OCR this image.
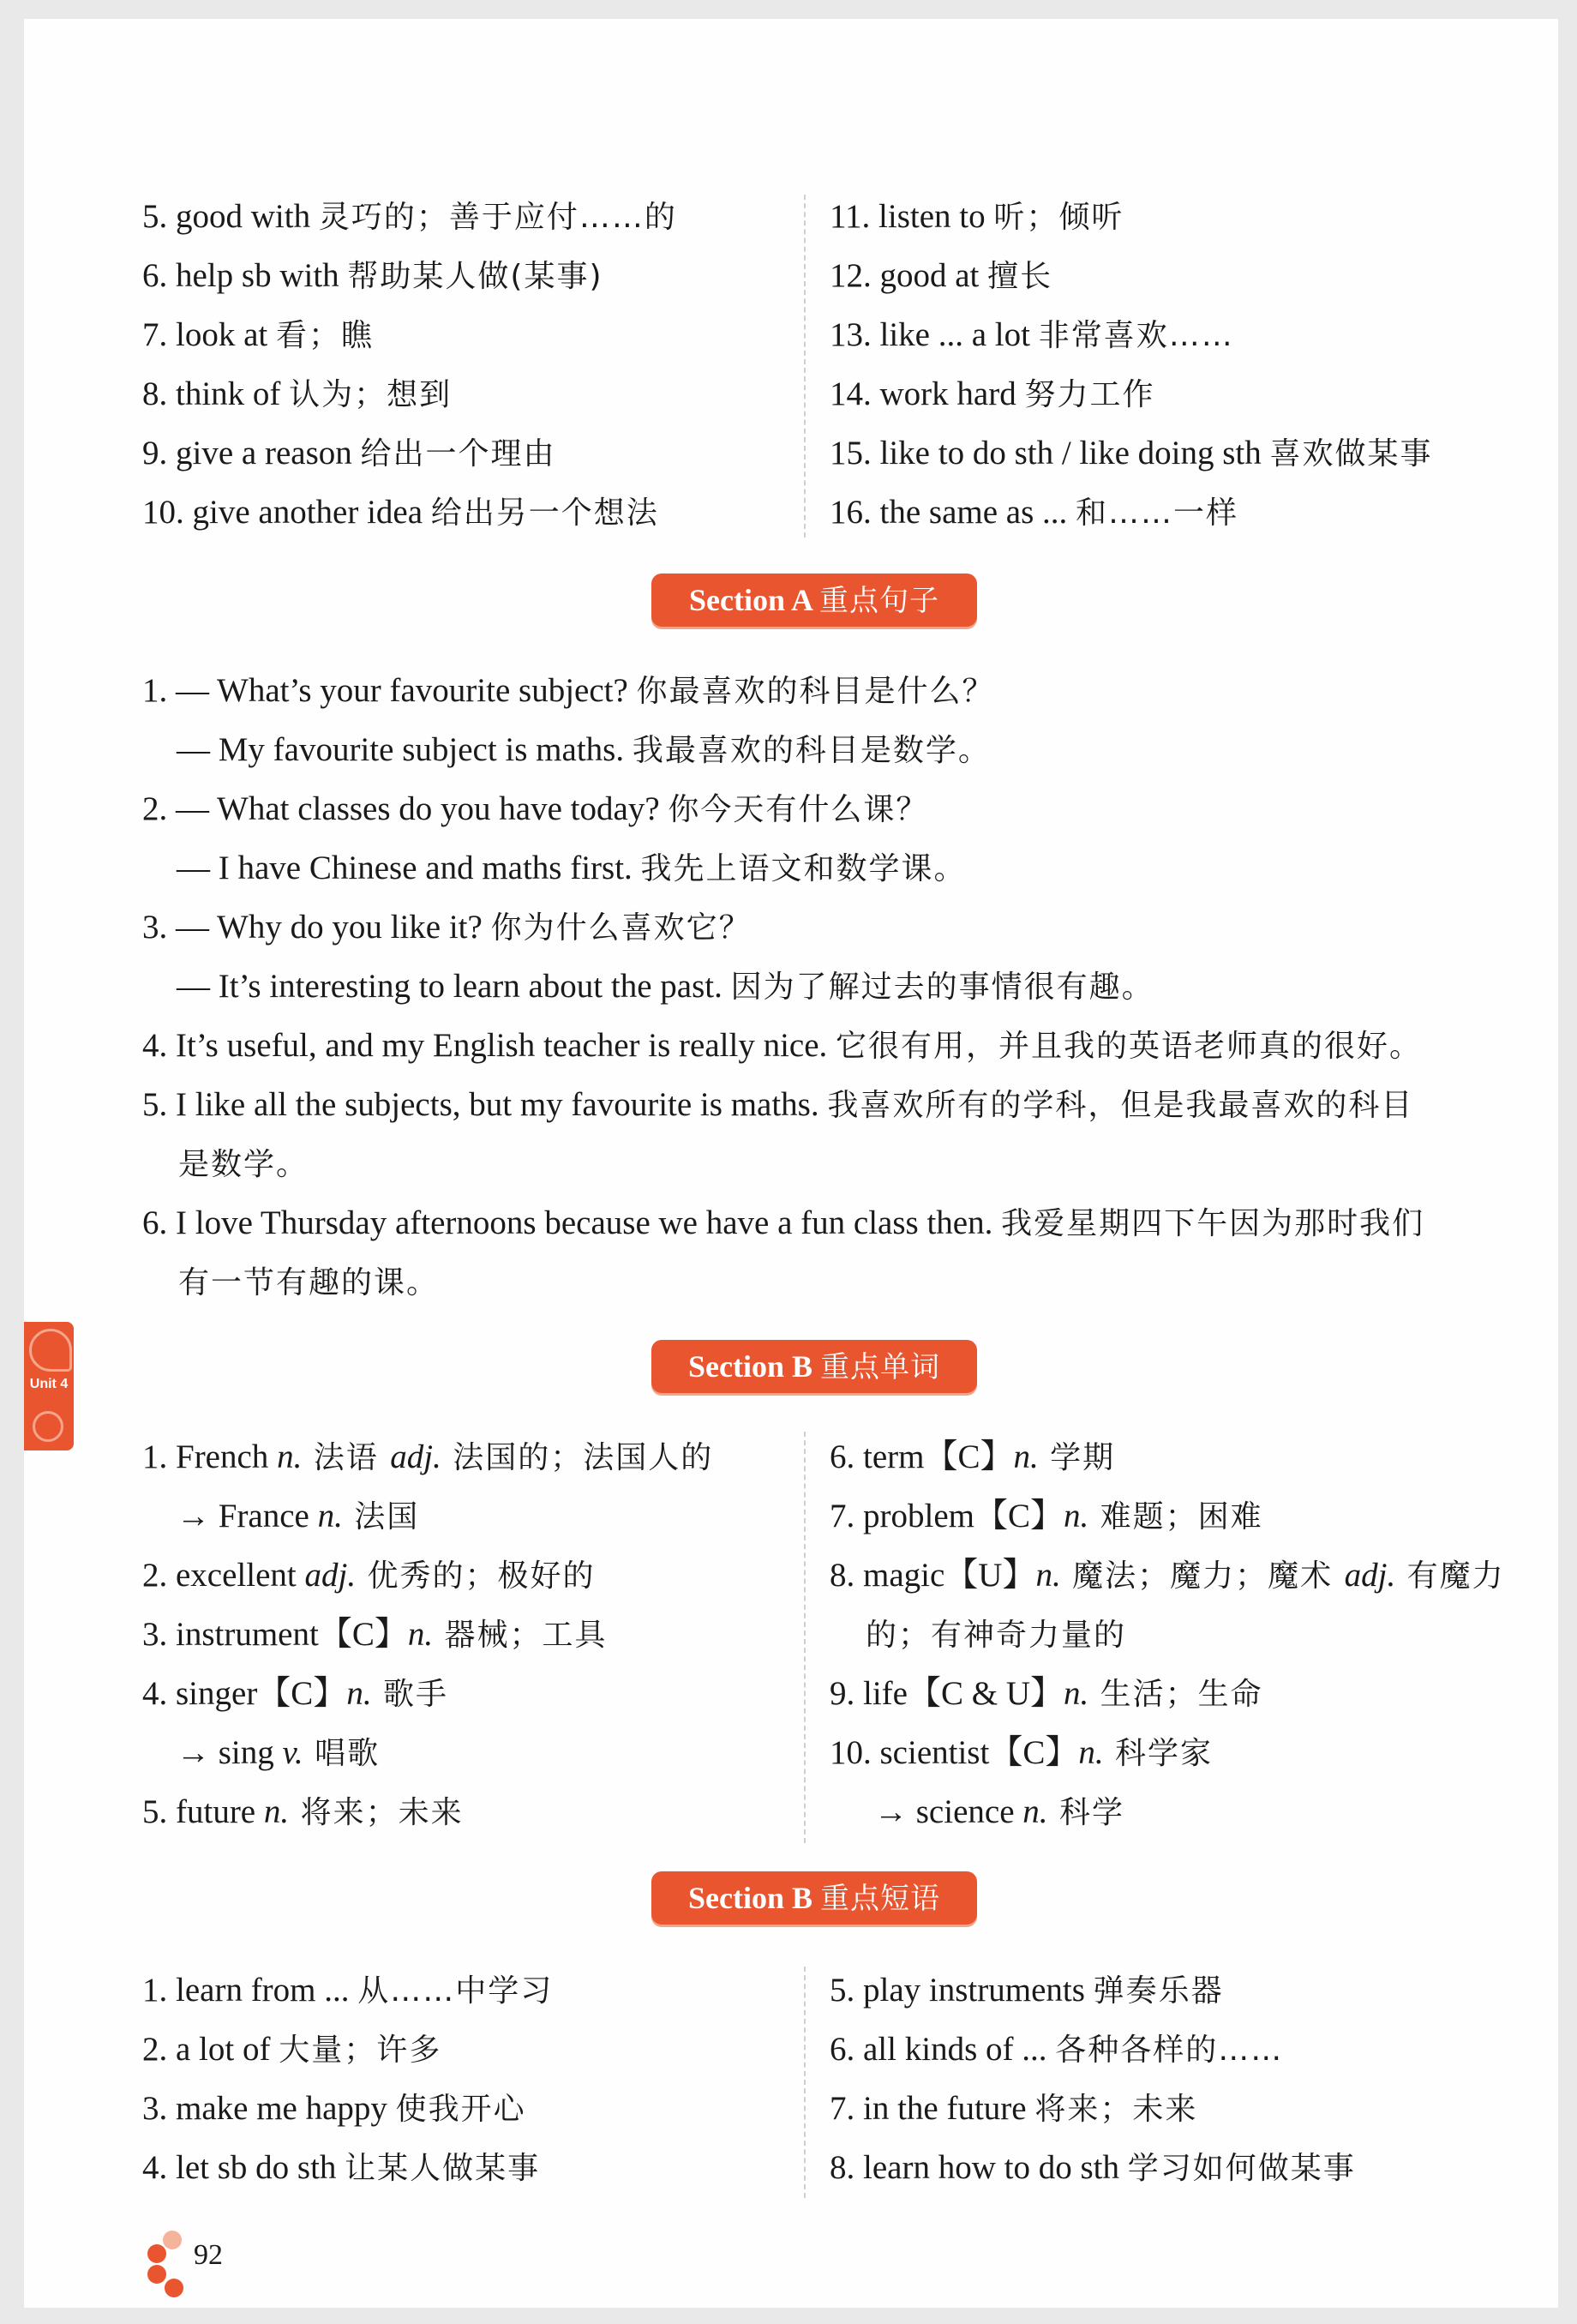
5. good with 灵巧的；善于应付……的	11. listen to 听；倾听
6. help sb with 帮助某人做(某事)	12. good at 擅长
7. look at 看；瞧	13. like ... a lot 非常喜欢……
8. think of 认为；想到	14. work hard 努力工作
9. give a reason 给出一个理由	15. like to do sth / like doing sth 喜欢做某事
10. give another idea 给出另一个想法	16. the same as ... 和……一样
Section A 重点句子
1. — What’s your favourite subject? 你最喜欢的科目是什么？
— My favourite subject is maths. 我最喜欢的科目是数学。
2. — What classes do you have today? 你今天有什么课？
— I have Chinese and maths first. 我先上语文和数学课。
3. — Why do you like it? 你为什么喜欢它？
— It’s interesting to learn about the past. 因为了解过去的事情很有趣。
4. It’s useful, and my English teacher is really nice. 它很有用，并且我的英语老师真的很好。
5. I like all the subjects, but my favourite is maths. 我喜欢所有的学科，但是我最喜欢的科目
是数学。
6. I love Thursday afternoons because we have a fun class then. 我爱星期四下午因为那时我们
有一节有趣的课。
Section B 重点单词
1. French n. 法语 adj. 法国的；法国人的	6. term【C】n. 学期
→ France n. 法国	7. problem【C】n. 难题；困难
2. excellent adj. 优秀的；极好的	8. magic【U】n. 魔法；魔力；魔术 adj. 有魔力
3. instrument【C】n. 器械；工具	的；有神奇力量的
4. singer【C】n. 歌手	9. life【C & U】n. 生活；生命
→ sing v. 唱歌	10. scientist【C】n. 科学家
5. future n. 将来；未来	→ science n. 科学
Section B 重点短语
1. learn from ... 从……中学习	5. play instruments 弹奏乐器
2. a lot of 大量；许多	6. all kinds of ... 各种各样的……
3. make me happy 使我开心	7. in the future 将来；未来
4. let sb do sth 让某人做某事	8. learn how to do sth 学习如何做某事
Unit 4
92
